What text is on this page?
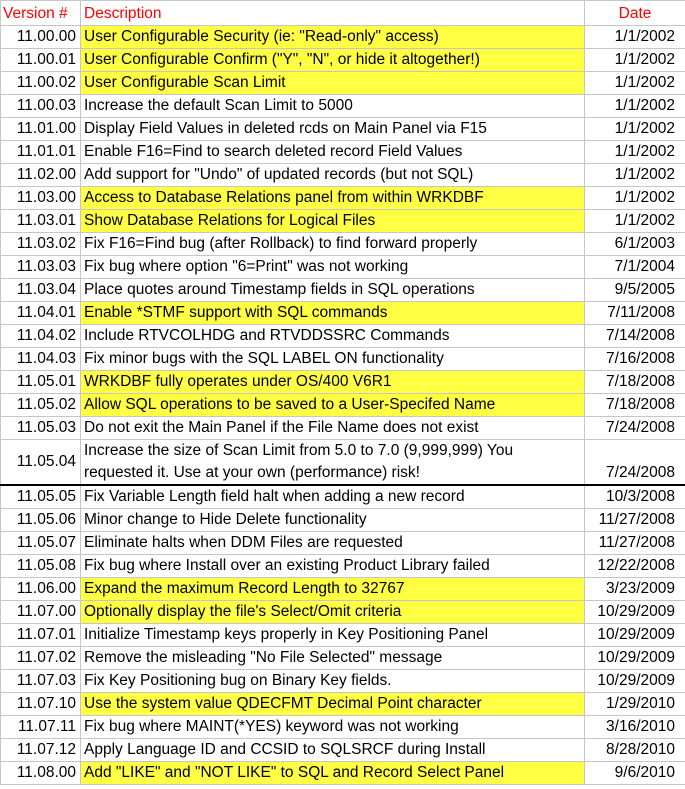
Version #	Description	Date
11.00.00	User Configurable Security (ie: "Read-only" access)	1/1/2002
11.00.01	User Configurable Confirm ("Y", "N", or hide it altogether!)	1/1/2002
11.00.02	User Configurable Scan Limit	1/1/2002
11.00.03	Increase the default Scan Limit to 5000	1/1/2002
11.01.00	Display Field Values in deleted rcds on Main Panel via F15	1/1/2002
11.01.01	Enable F16=Find to search deleted record Field Values	1/1/2002
11.02.00	Add support for "Undo" of updated records (but not SQL)	1/1/2002
11.03.00	Access to Database Relations panel from within WRKDBF	1/1/2002
11.03.01	Show Database Relations for Logical Files	1/1/2002
11.03.02	Fix F16=Find bug (after Rollback) to find forward properly	6/1/2003
11.03.03	Fix bug where option "6=Print" was not working	7/1/2004
11.03.04	Place quotes around Timestamp fields in SQL operations	9/5/2005
11.04.01	Enable *STMF support with SQL commands	7/11/2008
11.04.02	Include RTVCOLHDG and RTVDDSSRC Commands	7/14/2008
11.04.03	Fix minor bugs with the SQL LABEL ON functionality	7/16/2008
11.05.01	WRKDBF fully operates under OS/400 V6R1	7/18/2008
11.05.02	Allow SQL operations to be saved to a User-Specifed Name	7/18/2008
11.05.03	Do not exit the Main Panel if the File Name does not exist	7/24/2008
11.05.04	Increase the size of Scan Limit from 5.0 to 7.0 (9,999,999) You requested it. Use at your own (performance) risk!	7/24/2008
11.05.05	Fix Variable Length field halt when adding a new record	10/3/2008
11.05.06	Minor change to Hide Delete functionality	11/27/2008
11.05.07	Eliminate halts when DDM Files are requested	11/27/2008
11.05.08	Fix bug where Install over an existing Product Library failed	12/22/2008
11.06.00	Expand the maximum Record Length to 32767	3/23/2009
11.07.00	Optionally display the file's Select/Omit criteria	10/29/2009
11.07.01	Initialize Timestamp keys properly in Key Positioning Panel	10/29/2009
11.07.02	Remove the misleading "No File Selected" message	10/29/2009
11.07.03	Fix Key Positioning bug on Binary Key fields.	10/29/2009
11.07.10	Use the system value QDECFMT Decimal Point character	1/29/2010
11.07.11	Fix bug where MAINT(*YES) keyword was not working	3/16/2010
11.07.12	Apply Language ID and CCSID to SQLSRCF during Install	8/28/2010
11.08.00	Add "LIKE" and "NOT LIKE" to SQL and Record Select Panel	9/6/2010
